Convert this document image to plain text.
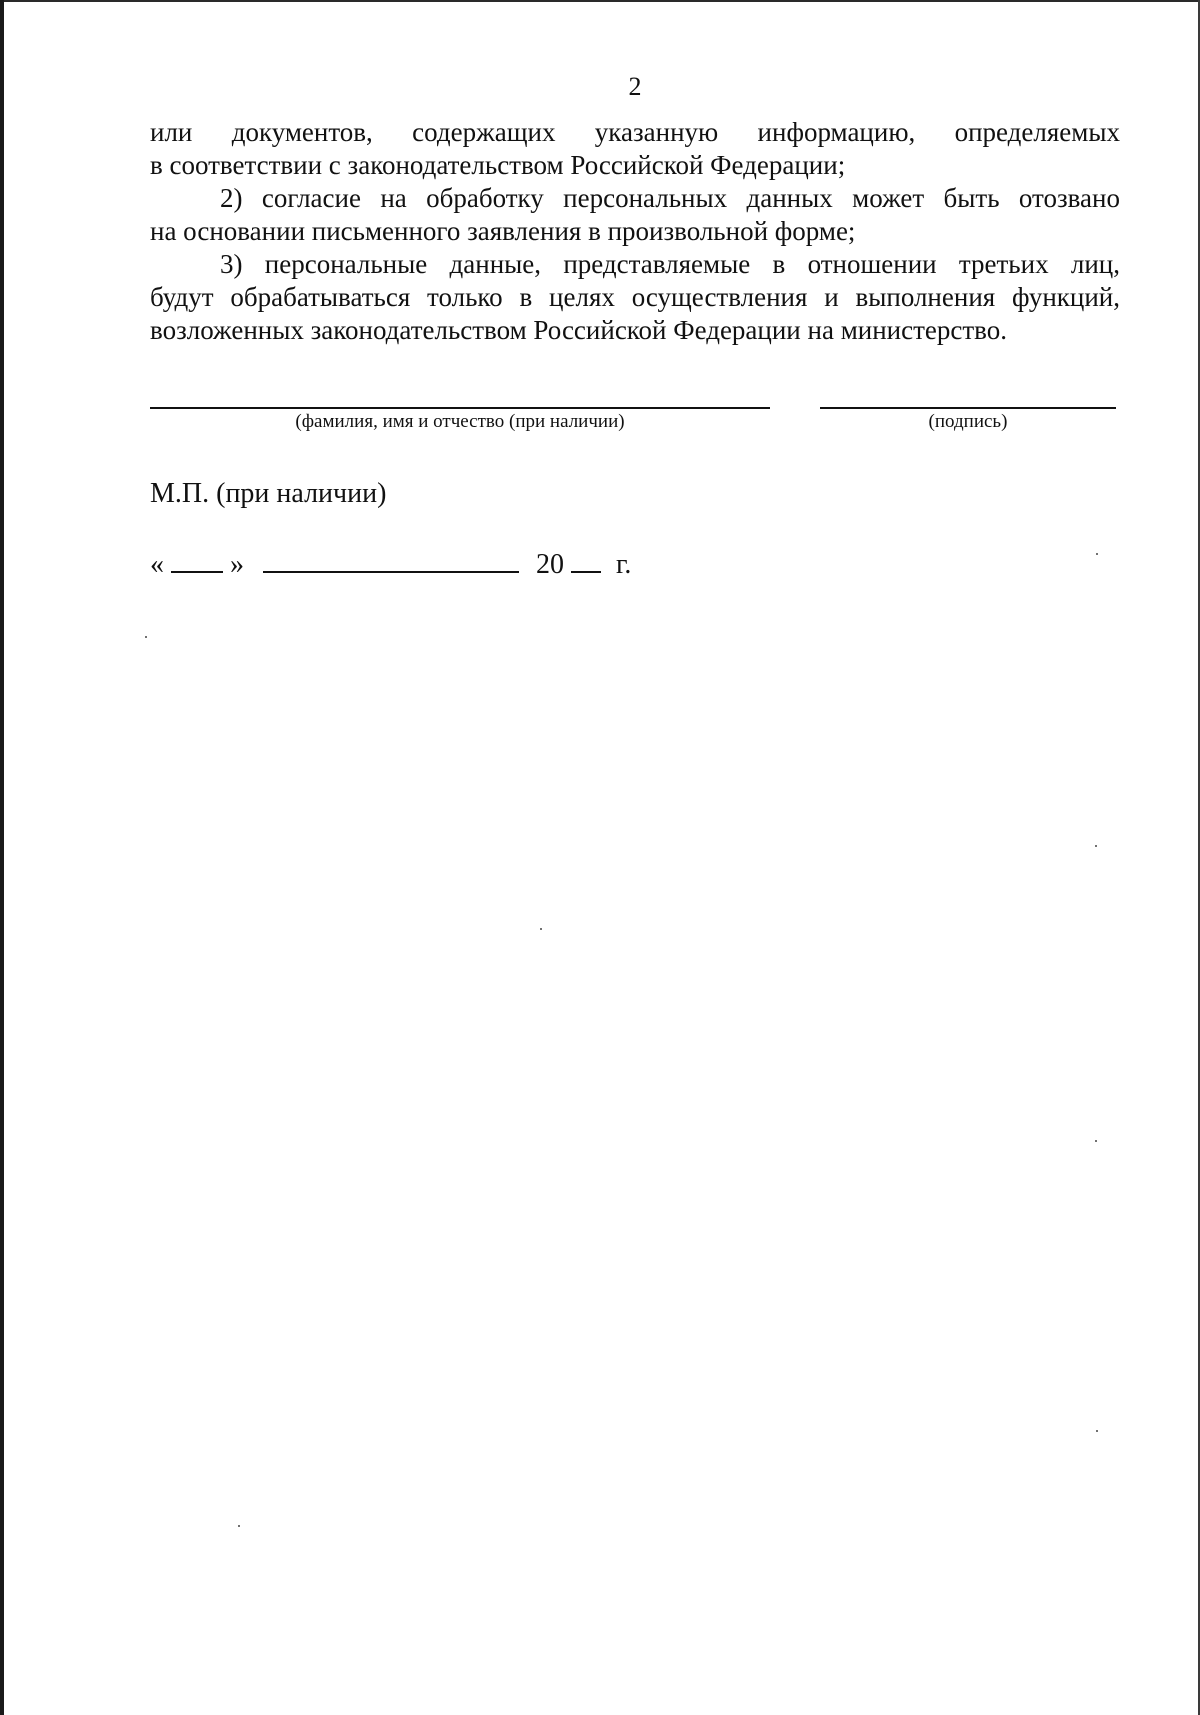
2

или документов, содержащих указанную информацию, определяемых
в соответствии с законодательством Российской Федерации;

2) согласие на обработку персональных данных может быть отозвано
на основании письменного заявления в произвольной форме;

3) персональные данные, представляемые в отношении третьих лиц,
будут обрабатываться только в целях осуществления и выполнения функций,
возложенных законодательством Российской Федерации на министерство.

(фамилия, имя и отчество (при наличии)	(подпись)
М.П. (при наличии)
« »	20 г.
